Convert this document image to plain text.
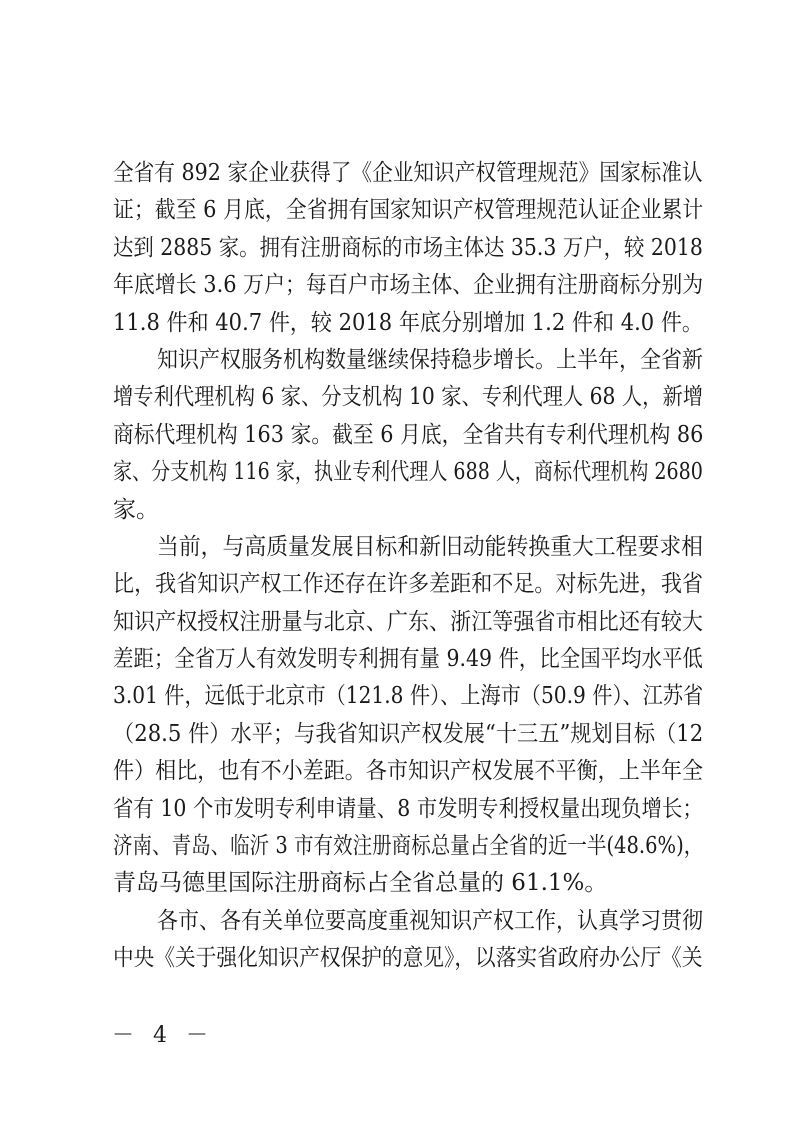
全省有 892 家企业获得了《企业知识产权管理规范》国家标准认
证；截至 6 月底，全省拥有国家知识产权管理规范认证企业累计
达到 2885 家。拥有注册商标的市场主体达 35.3 万户，较 2018
年底增长 3.6 万户；每百户市场主体、企业拥有注册商标分别为
11.8 件和 40.7 件，较 2018 年底分别增加 1.2 件和 4.0 件。
知识产权服务机构数量继续保持稳步增长。上半年，全省新
增专利代理机构 6 家、分支机构 10 家、专利代理人 68 人，新增
商标代理机构 163 家。截至 6 月底，全省共有专利代理机构 86
家、分支机构 116 家，执业专利代理人 688 人，商标代理机构 2680
家。
当前，与高质量发展目标和新旧动能转换重大工程要求相
比，我省知识产权工作还存在许多差距和不足。对标先进，我省
知识产权授权注册量与北京、广东、浙江等强省市相比还有较大
差距；全省万人有效发明专利拥有量 9.49 件，比全国平均水平低
3.01 件，远低于北京市（121.8 件）、上海市（50.9 件）、江苏省
（28.5 件）水平；与我省知识产权发展“十三五”规划目标（12
件）相比，也有不小差距。各市知识产权发展不平衡，上半年全
省有 10 个市发明专利申请量、8 市发明专利授权量出现负增长；
济南、青岛、临沂 3 市有效注册商标总量占全省的近一半(48.6%)，
青岛马德里国际注册商标占全省总量的 61.1%。
各市、各有关单位要高度重视知识产权工作，认真学习贯彻
中央《关于强化知识产权保护的意见》，以落实省政府办公厅《关
－ 4 －
